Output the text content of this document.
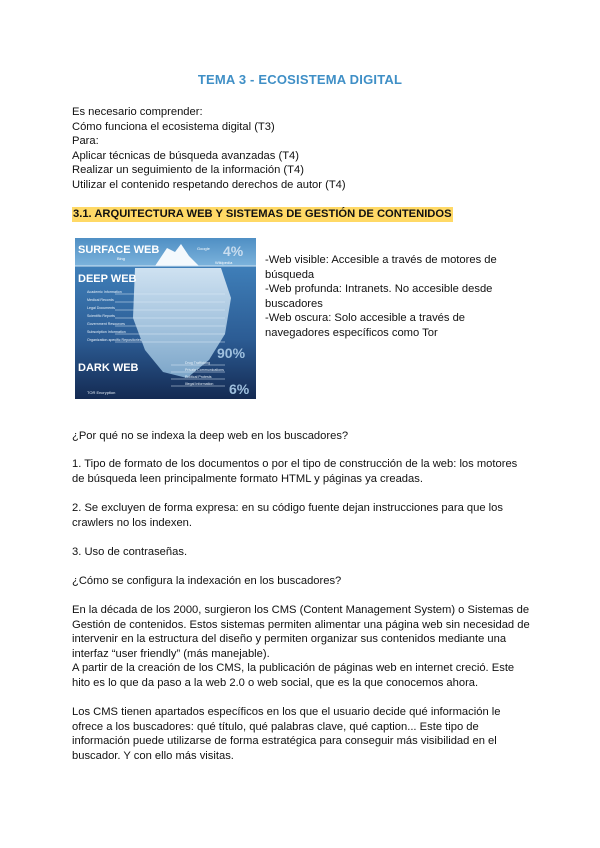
TEMA 3 - ECOSISTEMA DIGITAL
Es necesario comprender:
Cómo funciona el ecosistema digital (T3)
Para:
Aplicar técnicas de búsqueda avanzadas (T4)
Realizar un seguimiento de la información (T4)
Utilizar el contenido respetando derechos de autor (T4)
3.1. ARQUITECTURA WEB Y SISTEMAS DE GESTIÓN DE CONTENIDOS
SURFACE WEB	4%
Google
Bing
Wikipedia
DEEP WEB
Academic Information
Medical Records
Legal Documents
Scientific Reports
Government Resources
Subscription Information
Organization-specific Repositories
90%
DARK WEB	Drug Trafficking
Private Communications
Political Protests
Illegal Information
TOR Encryption	6%
-Web visible: Accesible a través de motores de
búsqueda
-Web profunda: Intranets. No accesible desde
buscadores
-Web oscura: Solo accesible a través de
navegadores específicos como Tor
¿Por qué no se indexa la deep web en los buscadores?
1. Tipo de formato de los documentos o por el tipo de construcción de la web: los motores
de búsqueda leen principalmente formato HTML y páginas ya creadas.
2. Se excluyen de forma expresa: en su código fuente dejan instrucciones para que los
crawlers no los indexen.
3. Uso de contraseñas.
¿Cómo se configura la indexación en los buscadores?
En la década de los 2000, surgieron los CMS (Content Management System) o Sistemas de
Gestión de contenidos. Estos sistemas permiten alimentar una página web sin necesidad de
intervenir en la estructura del diseño y permiten organizar sus contenidos mediante una
interfaz “user friendly” (más manejable).
A partir de la creación de los CMS, la publicación de páginas web en internet creció. Este
hito es lo que da paso a la web 2.0 o web social, que es la que conocemos ahora.
Los CMS tienen apartados específicos en los que el usuario decide qué información le
ofrece a los buscadores: qué título, qué palabras clave, qué caption... Este tipo de
información puede utilizarse de forma estratégica para conseguir más visibilidad en el
buscador. Y con ello más visitas.
